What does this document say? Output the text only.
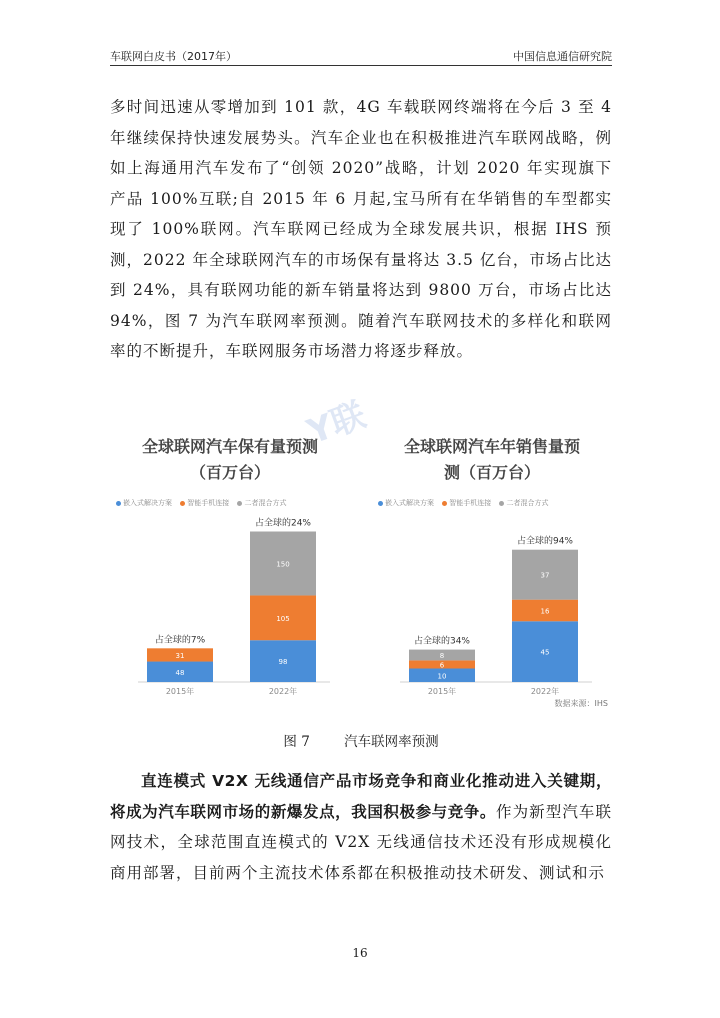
车联网白皮书（2017年）	中国信息通信研究院
多时间迅速从零增加到 101 款，4G 车载联网终端将在今后 3 至 4 年继续保持快速发展势头。汽车企业也在积极推进汽车联网战略，例如上海通用汽车发布了“创领 2020”战略，计划 2020 年实现旗下产品 100%互联;自 2015 年 6 月起,宝马所有在华销售的车型都实现了 100%联网。汽车联网已经成为全球发展共识，根据 IHS 预测，2022 年全球联网汽车的市场保有量将达 3.5 亿台，市场占比达到 24%，具有联网功能的新车销量将达到 9800 万台，市场占比达 94%，图 7 为汽车联网率预测。随着汽车联网技术的多样化和联网率的不断提升，车联网服务市场潜力将逐步释放。
Y联
全球联网汽车保有量预测
（百万台）
嵌入式解决方案 智能手机连接 二者混合方式
48
31
占全球的7%
2015年
98
105
150
占全球的24%
2022年
全球联网汽车年销售量预
测（百万台）
嵌入式解决方案 智能手机连接 二者混合方式
10
6
8
占全球的34%
2015年
45
16
37
占全球的94%
2022年
数据来源：IHS
图 7	汽车联网率预测
直连模式 V2X 无线通信产品市场竞争和商业化推动进入关键期，将成为汽车联网市场的新爆发点，我国积极参与竞争。作为新型汽车联网技术，全球范围直连模式的 V2X 无线通信技术还没有形成规模化商用部署，目前两个主流技术体系都在积极推动技术研发、测试和示
16
